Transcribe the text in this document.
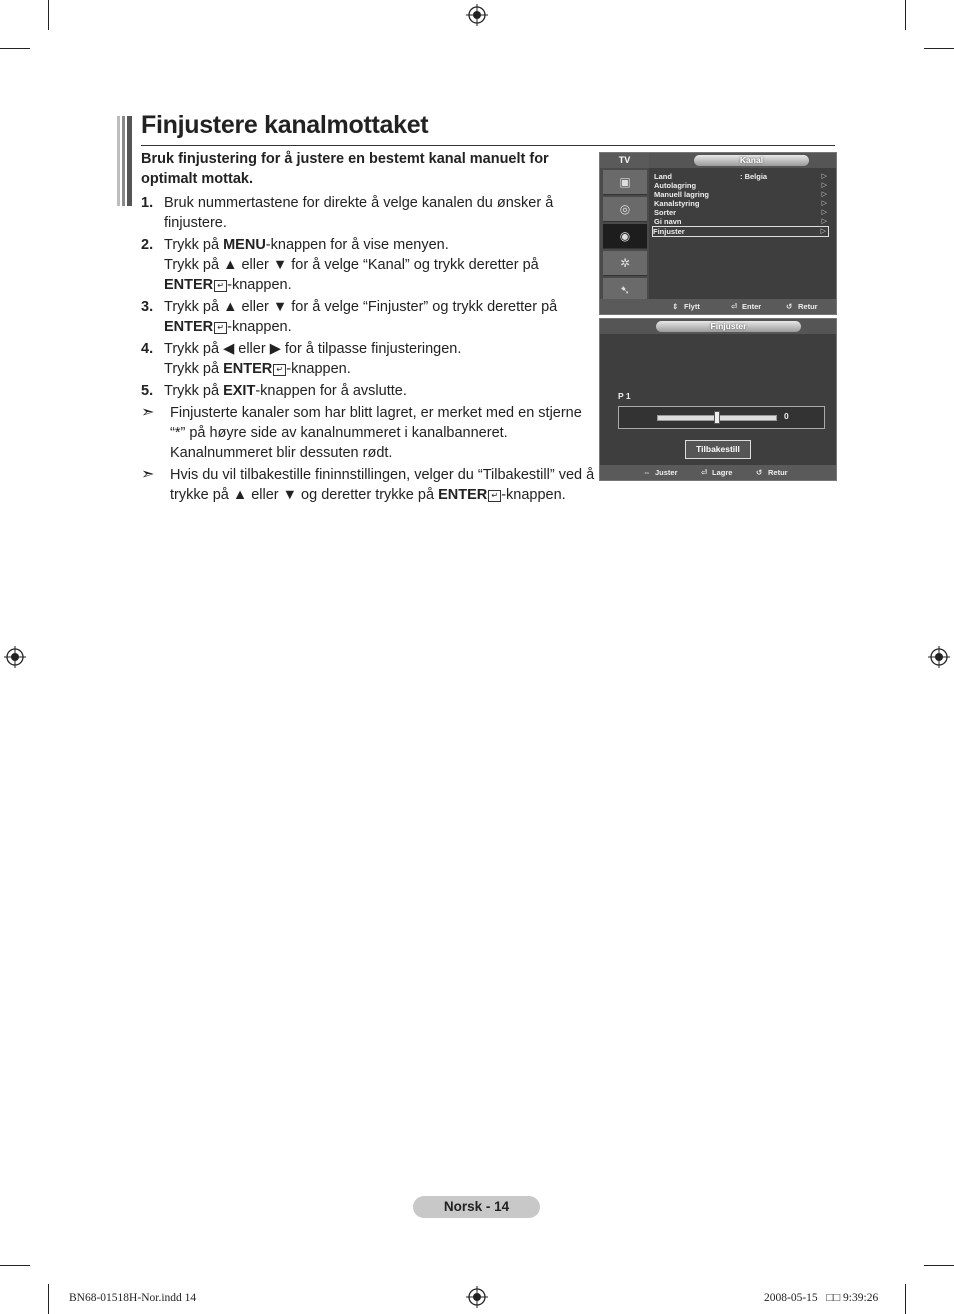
Finjustere kanalmottaket
Bruk finjustering for å justere en bestemt kanal manuelt for optimalt mottak.
1. Bruk nummertastene for direkte å velge kanalen du ønsker å finjustere.
2. Trykk på MENU-knappen for å vise menyen.
Trykk på ▲ eller ▼ for å velge “Kanal” og trykk deretter på
ENTER ↵ -knappen.
3. Trykk på ▲ eller ▼ for å velge “Finjuster” og trykk deretter på
ENTER ↵ -knappen.
4. Trykk på ◀ eller ▶ for å tilpasse finjusteringen.
Trykk på ENTER ↵ -knappen.
5. Trykk på EXIT-knappen for å avslutte.
➣ Finjusterte kanaler som har blitt lagret, er merket med en stjerne “*” på høyre side av kanalnummeret i kanalbanneret. Kanalnummeret blir dessuten rødt.
➣ Hvis du vil tilbakestille fininnstillingen, velger du “Tilbakestill” ved å trykke på ▲ eller ▼ og deretter trykke på ENTER ↵ -knappen.
TV
▣
◎
◉
✲
➷
Kanal
Land	: Belgia	▷
Autolagring	▷
Manuell lagring	▷
Kanalstyring	▷
Sorter	▷
Gi navn	▷
Finjuster	▷
⇕ Flytt	⏎ Enter	↺ Retur
Finjuster
P 1
0
Tilbakestill
⇔ Juster	⏎ Lagre	↺ Retur
Norsk - 14
BN68-01518H-Nor.indd 14	2008-05-15   □□ 9:39:26
